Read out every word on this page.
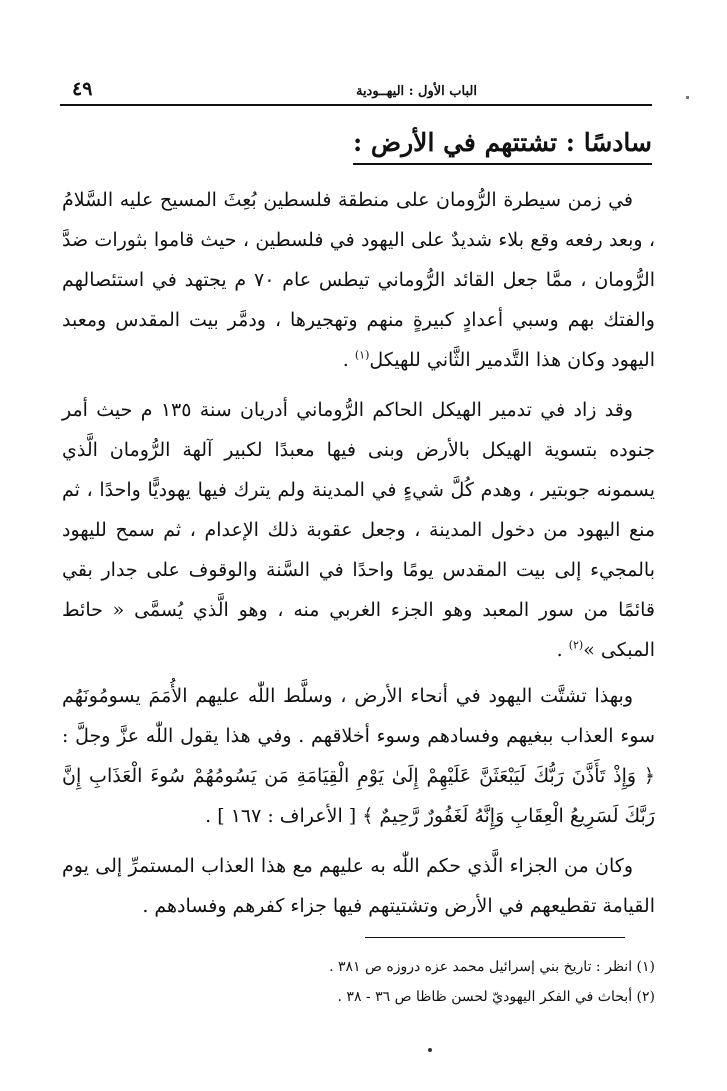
الباب الأول : اليهــودية
٤٩
سادسًا : تشتتهم في الأرض :

في زمن سيطرة الرُّومان على منطقة فلسطين بُعِثَ المسيح عليه السَّلامُ ، وبعد رفعه وقع بلاء شديدٌ على اليهود في فلسطين ، حيث قاموا بثورات ضدَّ الرُّومان ، ممَّا جعل القائد الرُّوماني تيطس عام ٧٠ م يجتهد في استئصالهم والفتك بهم وسبي أعدادٍ كبيرةٍ منهم وتهجيرها ، ودمَّر بيت المقدس ومعبد اليهود وكان هذا التَّدمير الثَّاني للهيكل$^{(١)}$ .

وقد زاد في تدمير الهيكل الحاكم الرُّوماني أدريان سنة ١٣٥ م حيث أمر جنوده بتسوية الهيكل بالأرض وبنى فيها معبدًا لكبير آلهة الرُّومان الَّذي يسمونه جوبتير ، وهدم كُلَّ شيءٍ في المدينة ولم يترك فيها يهوديًّا واحدًا ، ثم منع اليهود من دخول المدينة ، وجعل عقوبة ذلك الإعدام ، ثم سمح لليهود بالمجيء إلى بيت المقدس يومًا واحدًا في السَّنة والوقوف على جدار بقي قائمًا من سور المعبد وهو الجزء الغربي منه ، وهو الَّذي يُسمَّى « حائط المبكى »$^{(٢)}$ .

وبهذا تشتَّت اليهود في أنحاء الأرض ، وسلَّط اللّٰه عليهم الأُمَمَ يسومُونَهُم سوء العذاب ببغيهم وفسادهم وسوء أخلاقهم . وفي هذا يقول اللّٰه عزَّ وجلَّ : ﴿ وَإِذْ تَأَذَّنَ رَبُّكَ لَيَبْعَثَنَّ عَلَيْهِمْ إِلَىٰ يَوْمِ الْقِيَامَةِ مَن يَسُومُهُمْ سُوءَ الْعَذَابِ إِنَّ رَبَّكَ لَسَرِيعُ الْعِقَابِ وَإِنَّهُ لَغَفُورٌ رَّحِيمٌ ﴾ [ الأعراف : ١٦٧ ] .

وكان من الجزاء الَّذي حكم اللّٰه به عليهم مع هذا العذاب المستمرِّ إلى يوم القيامة تقطيعهم في الأرض وتشتيتهم فيها جزاء كفرهم وفسادهم .

(١) انظر : تاريخ بني إسرائيل محمد عزه دروزه ص ٣٨١ .

(٢) أبحاث في الفكر اليهوديّ لحسن ظاظا ص ٣٦ - ٣٨ .
